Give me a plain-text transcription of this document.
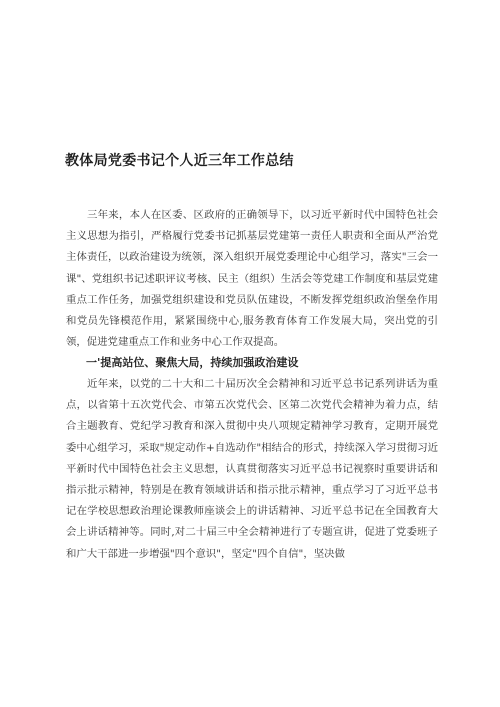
教体局党委书记个人近三年工作总结

三年来，本人在区委、区政府的正确领导下，以习近平新时代中国特色社会主义思想为指引，严格履行党委书记抓基层党建第一责任人职责和全面从严治党主体责任，以政治建设为统领，深入组织开展党委理论中心组学习，落实"三会一课"、党组织书记述职评议考核、民主（组织）生活会等党建工作制度和基层党建重点工作任务，加强党组织建设和党员队伍建设，不断发挥党组织政治堡垒作用和党员先锋模范作用，紧紧围绕中心,服务教育体育工作发展大局，突出党的引领，促进党建重点工作和业务中心工作双提高。

一'提高站位、聚焦大局，持续加强政治建设

近年来，以党的二十大和二十届历次全会精神和习近平总书记系列讲话为重点，以省第十五次党代会、市第五次党代会、区第二次党代会精神为着力点，结合主题教育、党纪学习教育和深入贯彻中央八项规定精神学习教育，定期开展党委中心组学习，采取"规定动作+自选动作"相结合的形式，持续深入学习贯彻习近平新时代中国特色社会主义思想，认真贯彻落实习近平总书记视察时重要讲话和指示批示精神，特别是在教育领域讲话和指示批示精神，重点学习了习近平总书记在学校思想政治理论课教师座谈会上的讲话精神、习近平总书记在全国教育大会上讲话精神等。同时,对二十届三中全会精神进行了专题宣讲，促进了党委班子和广大干部进一步增强"四个意识"，坚定"四个自信"，坚决做
